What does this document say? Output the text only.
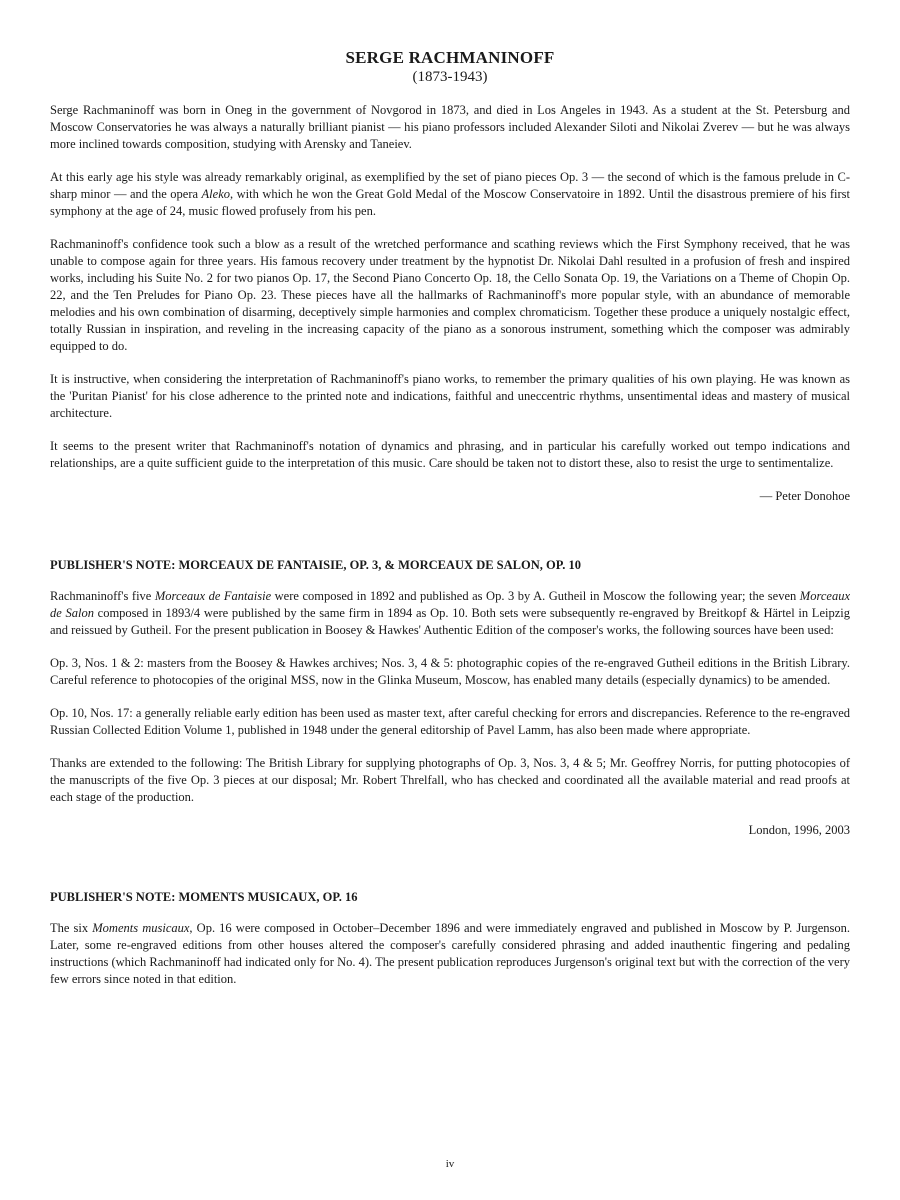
SERGE RACHMANINOFF
(1873-1943)

Serge Rachmaninoff was born in Oneg in the government of Novgorod in 1873, and died in Los Angeles in 1943. As a student at the St. Petersburg and Moscow Conservatories he was always a naturally brilliant pianist — his piano professors included Alexander Siloti and Nikolai Zverev — but he was always more inclined towards composition, studying with Arensky and Taneiev.

At this early age his style was already remarkably original, as exemplified by the set of piano pieces Op. 3 — the second of which is the famous prelude in C-sharp minor — and the opera Aleko, with which he won the Great Gold Medal of the Moscow Conservatoire in 1892. Until the disastrous premiere of his first symphony at the age of 24, music flowed profusely from his pen.

Rachmaninoff's confidence took such a blow as a result of the wretched performance and scathing reviews which the First Symphony received, that he was unable to compose again for three years. His famous recovery under treatment by the hypnotist Dr. Nikolai Dahl resulted in a profusion of fresh and inspired works, including his Suite No. 2 for two pianos Op. 17, the Second Piano Concerto Op. 18, the Cello Sonata Op. 19, the Variations on a Theme of Chopin Op. 22, and the Ten Preludes for Piano Op. 23. These pieces have all the hallmarks of Rachmaninoff's more popular style, with an abundance of memorable melodies and his own combination of disarming, deceptively simple harmonies and complex chromaticism. Together these produce a uniquely nostalgic effect, totally Russian in inspiration, and reveling in the increasing capacity of the piano as a sonorous instrument, something which the composer was admirably equipped to do.

It is instructive, when considering the interpretation of Rachmaninoff's piano works, to remember the primary qualities of his own playing. He was known as the 'Puritan Pianist' for his close adherence to the printed note and indications, faithful and uneccentric rhythms, unsentimental ideas and mastery of musical architecture.

It seems to the present writer that Rachmaninoff's notation of dynamics and phrasing, and in particular his carefully worked out tempo indications and relationships, are a quite sufficient guide to the interpretation of this music. Care should be taken not to distort these, also to resist the urge to sentimentalize.

— Peter Donohoe

PUBLISHER'S NOTE: MORCEAUX DE FANTAISIE, OP. 3, & MORCEAUX DE SALON, OP. 10

Rachmaninoff's five Morceaux de Fantaisie were composed in 1892 and published as Op. 3 by A. Gutheil in Moscow the following year; the seven Morceaux de Salon composed in 1893/4 were published by the same firm in 1894 as Op. 10. Both sets were subsequently re-engraved by Breitkopf & Härtel in Leipzig and reissued by Gutheil. For the present publication in Boosey & Hawkes' Authentic Edition of the composer's works, the following sources have been used:

Op. 3, Nos. 1 & 2: masters from the Boosey & Hawkes archives; Nos. 3, 4 & 5: photographic copies of the re-engraved Gutheil editions in the British Library. Careful reference to photocopies of the original MSS, now in the Glinka Museum, Moscow, has enabled many details (especially dynamics) to be amended.

Op. 10, Nos. 17: a generally reliable early edition has been used as master text, after careful checking for errors and discrepancies. Reference to the re-engraved Russian Collected Edition Volume 1, published in 1948 under the general editorship of Pavel Lamm, has also been made where appropriate.

Thanks are extended to the following: The British Library for supplying photographs of Op. 3, Nos. 3, 4 & 5; Mr. Geoffrey Norris, for putting photocopies of the manuscripts of the five Op. 3 pieces at our disposal; Mr. Robert Threlfall, who has checked and coordinated all the available material and read proofs at each stage of the production.

London, 1996, 2003

PUBLISHER'S NOTE: MOMENTS MUSICAUX, OP. 16

The six Moments musicaux, Op. 16 were composed in October–December 1896 and were immediately engraved and published in Moscow by P. Jurgenson. Later, some re-engraved editions from other houses altered the composer's carefully considered phrasing and added inauthentic fingering and pedaling instructions (which Rachmaninoff had indicated only for No. 4). The present publication reproduces Jurgenson's original text but with the correction of the very few errors since noted in that edition.

iv
